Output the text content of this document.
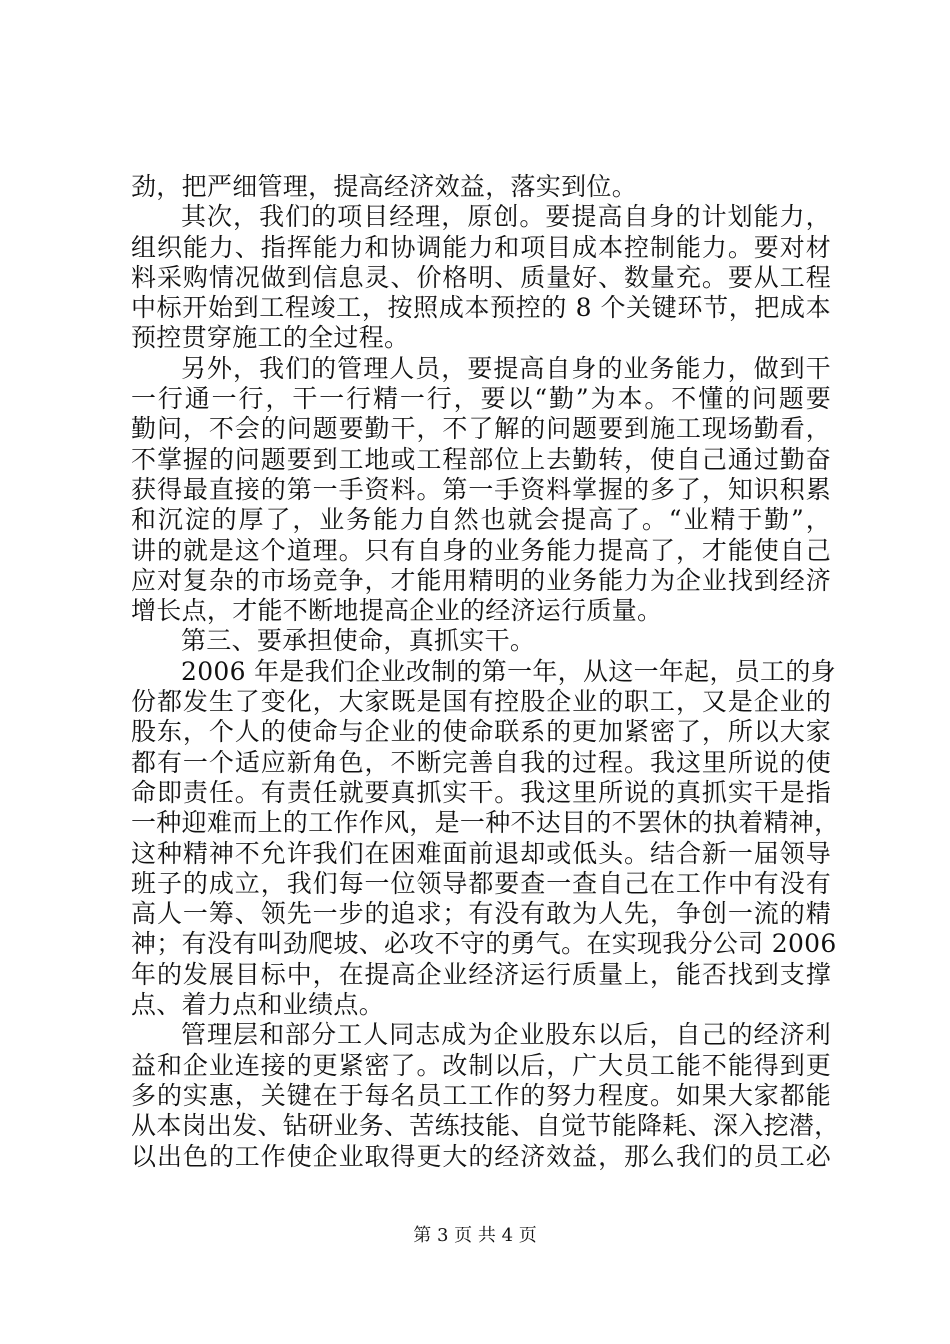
劲，把严细管理，提高经济效益，落实到位。
其次，我们的项目经理，原创。要提高自身的计划能力，
组织能力、指挥能力和协调能力和项目成本控制能力。要对材
料采购情况做到信息灵、价格明、质量好、数量充。要从工程
中标开始到工程竣工，按照成本预控的 8 个关键环节，把成本
预控贯穿施工的全过程。
另外，我们的管理人员，要提高自身的业务能力，做到干
一行通一行，干一行精一行，要以“勤”为本。不懂的问题要
勤问，不会的问题要勤干，不了解的问题要到施工现场勤看，
不掌握的问题要到工地或工程部位上去勤转，使自己通过勤奋
获得最直接的第一手资料。第一手资料掌握的多了，知识积累
和沉淀的厚了，业务能力自然也就会提高了。“业精于勤”，
讲的就是这个道理。只有自身的业务能力提高了，才能使自己
应对复杂的市场竞争，才能用精明的业务能力为企业找到经济
增长点，才能不断地提高企业的经济运行质量。
第三、要承担使命，真抓实干。
2006 年是我们企业改制的第一年，从这一年起，员工的身
份都发生了变化，大家既是国有控股企业的职工，又是企业的
股东，个人的使命与企业的使命联系的更加紧密了，所以大家
都有一个适应新角色，不断完善自我的过程。我这里所说的使
命即责任。有责任就要真抓实干。我这里所说的真抓实干是指
一种迎难而上的工作作风，是一种不达目的不罢休的执着精神，
这种精神不允许我们在困难面前退却或低头。结合新一届领导
班子的成立，我们每一位领导都要查一查自己在工作中有没有
高人一筹、领先一步的追求；有没有敢为人先，争创一流的精
神；有没有叫劲爬坡、必攻不守的勇气。在实现我分公司 2006
年的发展目标中，在提高企业经济运行质量上，能否找到支撑
点、着力点和业绩点。
管理层和部分工人同志成为企业股东以后，自己的经济利
益和企业连接的更紧密了。改制以后，广大员工能不能得到更
多的实惠，关键在于每名员工工作的努力程度。如果大家都能
从本岗出发、钻研业务、苦练技能、自觉节能降耗、深入挖潜，
以出色的工作使企业取得更大的经济效益，那么我们的员工必
第 3 页 共 4 页
